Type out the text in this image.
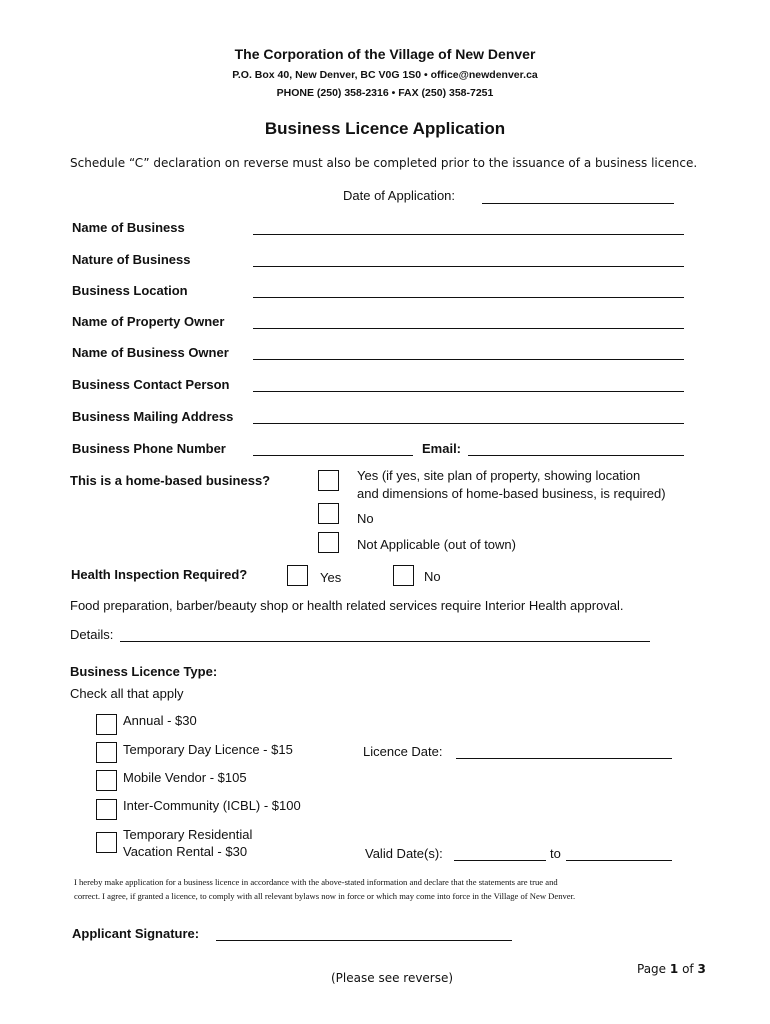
The Corporation of the Village of New Denver
P.O. Box 40, New Denver, BC V0G 1S0 • office@newdenver.ca
PHONE (250) 358-2316 • FAX (250) 358-7251
Business Licence Application
Schedule “C” declaration on reverse must also be completed prior to the issuance of a business licence.
Date of Application:
Name of Business
Nature of Business
Business Location
Name of Property Owner
Name of Business Owner
Business Contact Person
Business Mailing Address
Business Phone Number	Email:
This is a home-based business?	Yes (if yes, site plan of property, showing location
and dimensions of home-based business, is required)
No
Not Applicable (out of town)
Health Inspection Required?	Yes	No
Food preparation, barber/beauty shop or health related services require Interior Health approval.
Details:
Business Licence Type:
Check all that apply
Annual - $30
Temporary Day Licence - $15	Licence Date:
Mobile Vendor - $105
Inter-Community (ICBL) - $100
Temporary Residential
Vacation Rental - $30	Valid Date(s):	to
I hereby make application for a business licence in accordance with the above-stated information and declare that the statements are true and
correct. I agree, if granted a licence, to comply with all relevant bylaws now in force or which may come into force in the Village of New Denver.
Applicant Signature:
(Please see reverse)
Page 1 of 3
